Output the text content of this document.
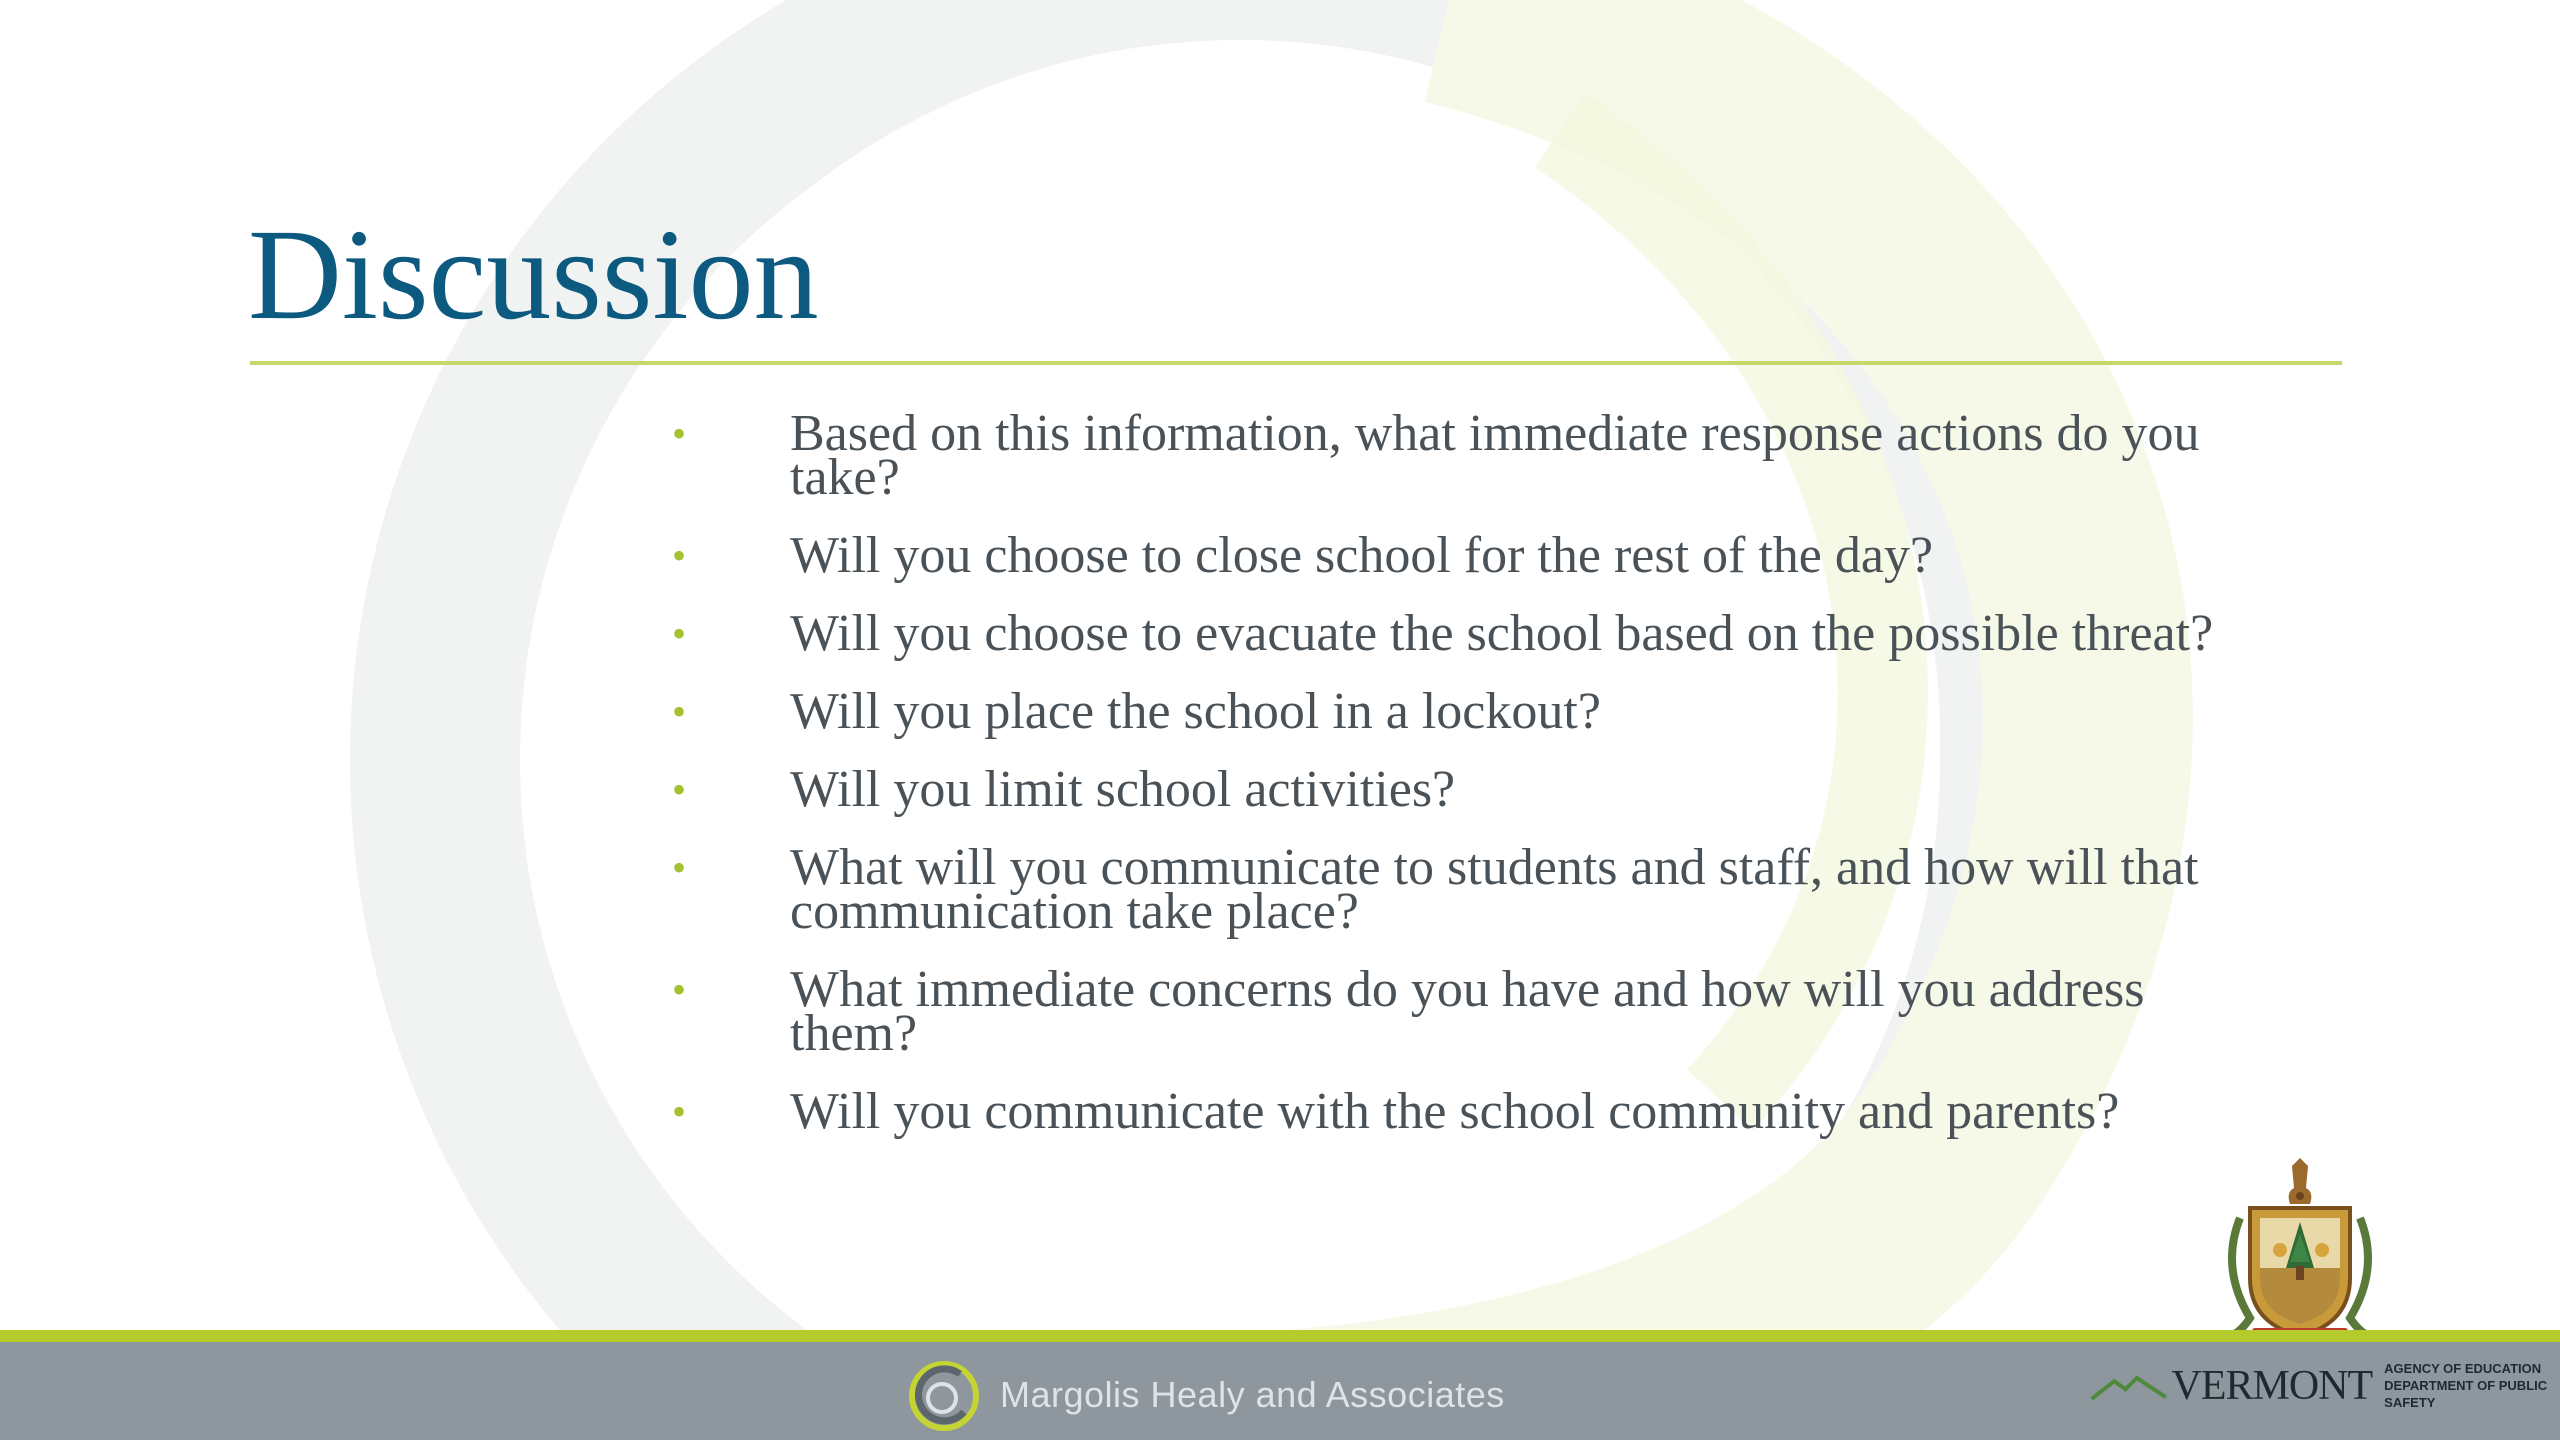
Discussion
• Based on this information, what immediate response actions do you take?
• Will you choose to close school for the rest of the day?
• Will you choose to evacuate the school based on the possible threat?
• Will you place the school in a lockout?
• Will you limit school activities?
• What will you communicate to students and staff, and how will that communication take place?
• What immediate concerns do you have and how will you address them?
• Will you communicate with the school community and parents?
Margolis Healy and Associates	VERMONT AGENCY OF EDUCATION
DEPARTMENT OF PUBLIC SAFETY
